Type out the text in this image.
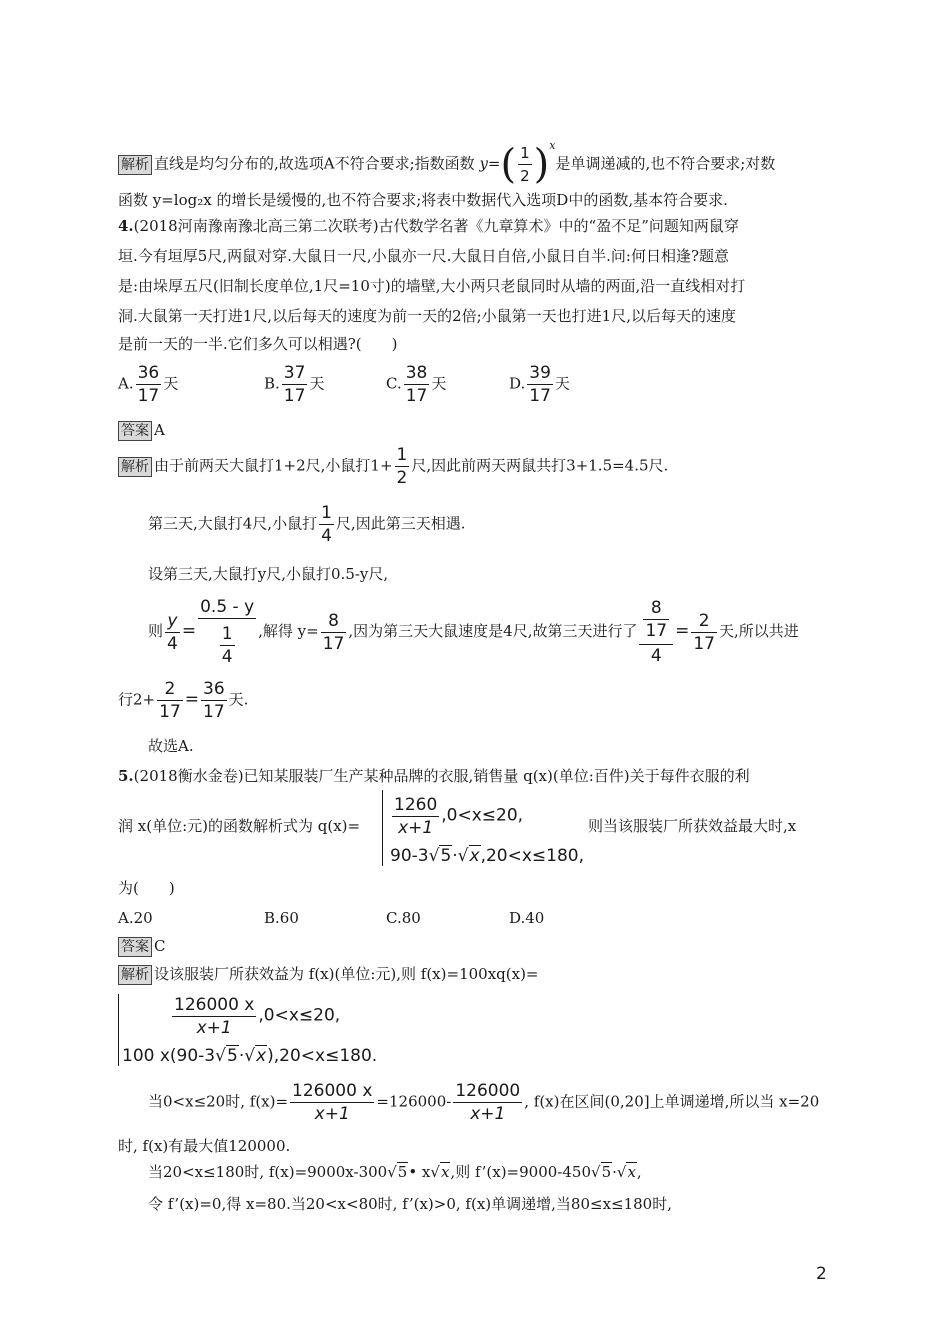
解析 直线是均匀分布的,故选项A不符合要求;指数函数 $y=( \frac{1}{2} )^x$是单调递减的,也不符合要求;对数
函数 y=log₂x 的增长是缓慢的,也不符合要求;将表中数据代入选项D中的函数,基本符合要求.
4.(2018河南豫南豫北高三第二次联考)古代数学名著《九章算术》中的“盈不足”问题知两鼠穿
垣.今有垣厚5尺,两鼠对穿.大鼠日一尺,小鼠亦一尺.大鼠日自倍,小鼠日自半.问:何日相逢?题意
是:由垛厚五尺(旧制长度单位,1尺=10寸)的墙壁,大小两只老鼠同时从墙的两面,沿一直线相对打
洞.大鼠第一天打进1尺,以后每天的速度为前一天的2倍;小鼠第一天也打进1尺,以后每天的速度
是前一天的一半.它们多久可以相遇?(　　)
A. $\frac{36}{17}$ 天	B. $\frac{37}{17}$ 天	C. $\frac{38}{17}$ 天	D. $\frac{39}{17}$ 天
答案 A
解析 由于前两天大鼠打1+2尺,小鼠打$1+ \frac{1}{2}$ 尺,因此前两天两鼠共打3+1.5=4.5尺.
第三天,大鼠打4尺,小鼠打 $\frac{1}{4}$ 尺,因此第三天相遇.
设第三天,大鼠打y尺,小鼠打0.5-y尺,
则 $\frac{y}{4} = \frac{0.5 - y}{\frac{1}{4}}$ ,解得 $y= \frac{8}{17}$ ,因为第三天大鼠速度是4尺,故第三天进行了 $\frac{\frac{8}{17}}{4} = \frac{2}{17}$ 天,所以共进
行$2+ \frac{2}{17} = \frac{36}{17}$ 天.
故选A.
5.(2018衡水金卷)已知某服装厂生产某种品牌的衣服,销售量 q(x)(单位:百件)关于每件衣服的利
润 x(单位:元)的函数解析式为 $q(x)= \frac{1260}{x+1} ,0<x\le 20$,
90-3√5·√x,20<x≤180,
则当该服装厂所获效益最大时,x
为(　　)
A.20	B.60	C.80	D.40
答案 C
解析 设该服装厂所获效益为 f(x)(单位:元),则 f(x)=100xq(x)=
$\frac{126000 x}{x+1} ,0<x\le 20$,
100 x(90-3√5·√x),20<x≤180.
当0<x≤20时, $f(x)= \frac{126000 x}{x+1} =126000- \frac{126000}{x+1}$ , f(x)在区间(0,20]上单调递增,所以当 x=20
时, f(x)有最大值120000.
当20<x≤180时, f(x)=9000x-300√5• x√x,则 f’(x)=9000-450√5·√x,
令 f’(x)=0,得 x=80.当20<x<80时, f’(x)>0, f(x)单调递增,当80≤x≤180时,
2
